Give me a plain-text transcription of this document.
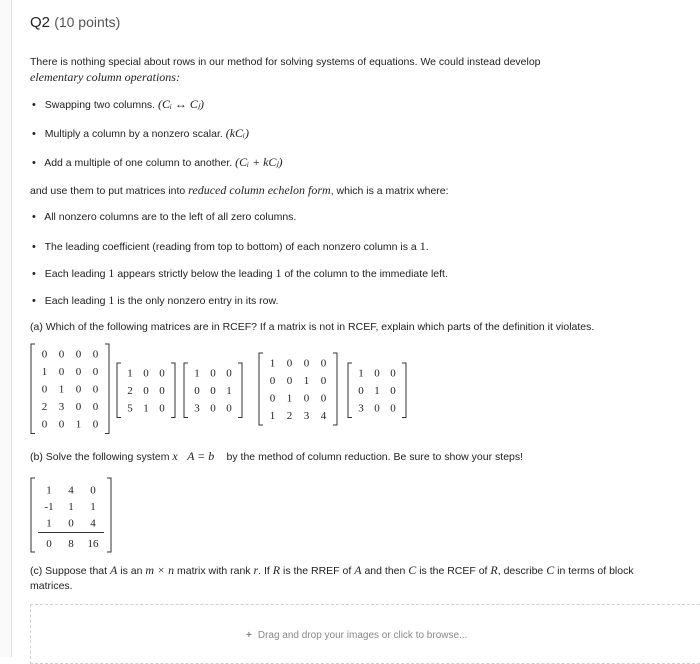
Q2 (10 points)
There is nothing special about rows in our method for solving systems of equations. We could instead develop
elementary column operations:
• Swapping two columns. (Cᵢ ↔ Cⱼ)
• Multiply a column by a nonzero scalar. (kCᵢ)
• Add a multiple of one column to another. (Cᵢ + kCⱼ)
and use them to put matrices into reduced column echelon form, which is a matrix where:
• All nonzero columns are to the left of all zero columns.
• The leading coefficient (reading from top to bottom) of each nonzero column is a 1.
• Each leading 1 appears strictly below the leading 1 of the column to the immediate left.
• Each leading 1 is the only nonzero entry in its row.
(a) Which of the following matrices are in RCEF? If a matrix is not in RCEF, explain which parts of the definition it violates.
0 0 0 0
1 0 0 0
0 1 0 0
2 3 0 0
0 0 1 0
1 0 0
2 0 0
5 1 0
1 0 0
0 0 1
3 0 0
1 0 0 0
0 0 1 0
0 1 0 0
1 2 3 4
1 0 0
0 1 0
3 0 0
(b) Solve the following system x⃗A = b⃗ by the method of column reduction. Be sure to show your steps!
1 4 0
-1 1 1
1 0 4
0 8 16
(c) Suppose that A is an m × n matrix with rank r. If R is the RREF of A and then C is the RCEF of R, describe C in terms of block
matrices.
+ Drag and drop your images or click to browse...
